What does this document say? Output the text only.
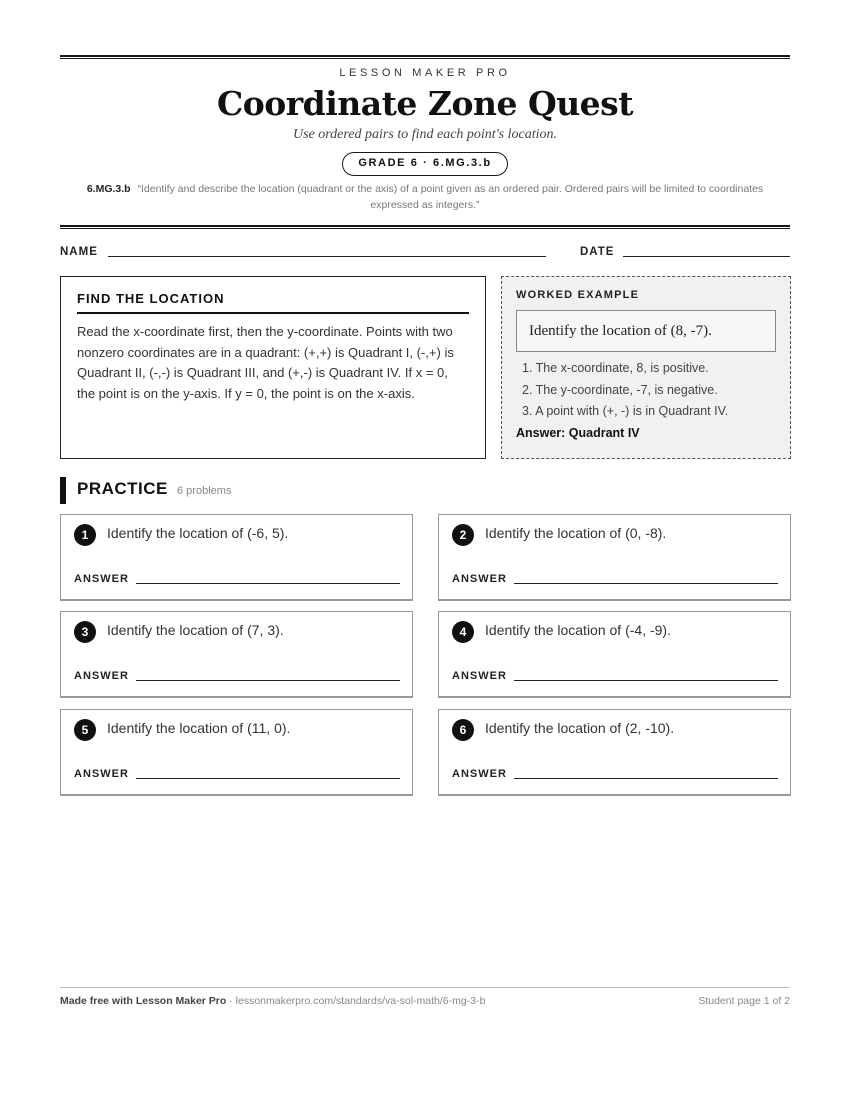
LESSON MAKER PRO
Coordinate Zone Quest
Use ordered pairs to find each point's location.
GRADE 6 · 6.MG.3.b
6.MG.3.b “Identify and describe the location (quadrant or the axis) of a point given as an ordered pair. Ordered pairs will be limited to coordinates expressed as integers.”
NAME	DATE
FIND THE LOCATION
Read the x-coordinate first, then the y-coordinate. Points with two nonzero coordinates are in a quadrant: (+,+) is Quadrant I, (-,+) is Quadrant II, (-,-) is Quadrant III, and (+,-) is Quadrant IV. If x = 0, the point is on the y-axis. If y = 0, the point is on the x-axis.
WORKED EXAMPLE
Identify the location of (8, -7).
1. The x-coordinate, 8, is positive.
2. The y-coordinate, -7, is negative.
3. A point with (+, -) is in Quadrant IV.
Answer: Quadrant IV
PRACTICE 6 problems
1	Identify the location of (-6, 5).
ANSWER
2	Identify the location of (0, -8).
ANSWER
3	Identify the location of (7, 3).
ANSWER
4	Identify the location of (-4, -9).
ANSWER
5	Identify the location of (11, 0).
ANSWER
6	Identify the location of (2, -10).
ANSWER
Made free with Lesson Maker Pro · lessonmakerpro.com/standards/va-sol-math/6-mg-3-b	Student page 1 of 2
